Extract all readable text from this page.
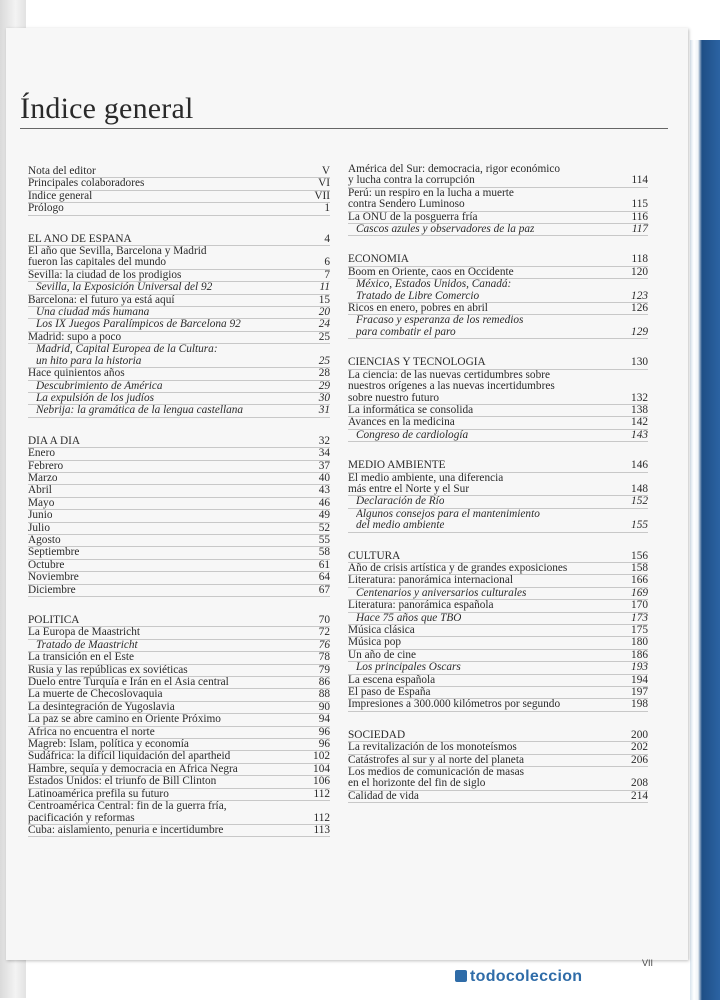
Índice general
Nota del editor	V
Principales colaboradores	VI
Índice general	VII
Prólogo	1
EL AÑO DE ESPAÑA	4
El año que Sevilla, Barcelona y Madrid
fueron las capitales del mundo	6
Sevilla: la ciudad de los prodigios	7
Sevilla, la Exposición Universal del 92	11
Barcelona: el futuro ya está aquí	15
Una ciudad más humana	20
Los IX Juegos Paralímpicos de Barcelona 92	24
Madrid: supo a poco	25
Madrid, Capital Europea de la Cultura:
un hito para la historia	25
Hace quinientos años	28
Descubrimiento de América	29
La expulsión de los judíos	30
Nebrija: la gramática de la lengua castellana	31
DÍA A DÍA	32
Enero	34
Febrero	37
Marzo	40
Abril	43
Mayo	46
Junio	49
Julio	52
Agosto	55
Septiembre	58
Octubre	61
Noviembre	64
Diciembre	67
POLÍTICA	70
La Europa de Maastricht	72
Tratado de Maastricht	76
La transición en el Este	78
Rusia y las repúblicas ex soviéticas	79
Duelo entre Turquía e Irán en el Asia central	86
La muerte de Checoslovaquia	88
La desintegración de Yugoslavia	90
La paz se abre camino en Oriente Próximo	94
África no encuentra el norte	96
Magreb: Islam, política y economía	96
Sudáfrica: la difícil liquidación del apartheid	102
Hambre, sequía y democracia en África Negra	104
Estados Unidos: el triunfo de Bill Clinton	106
Latinoamérica prefila su futuro	112
Centroamérica Central: fin de la guerra fría,
pacificación y reformas	112
Cuba: aislamiento, penuria e incertidumbre	113
América del Sur: democracia, rigor económico
y lucha contra la corrupción	114
Perú: un respiro en la lucha a muerte
contra Sendero Luminoso	115
La ONU de la posguerra fría	116
Cascos azules y observadores de la paz	117
ECONOMÍA	118
Boom en Oriente, caos en Occidente	120
México, Estados Unidos, Canadá:
Tratado de Libre Comercio	123
Ricos en enero, pobres en abril	126
Fracaso y esperanza de los remedios
para combatir el paro	129
CIENCIAS Y TECNOLOGÍA	130
La ciencia: de las nuevas certidumbres sobre
nuestros orígenes a las nuevas incertidumbres
sobre nuestro futuro	132
La informática se consolida	138
Avances en la medicina	142
Congreso de cardiología	143
MEDIO AMBIENTE	146
El medio ambiente, una diferencia
más entre el Norte y el Sur	148
Declaración de Río	152
Algunos consejos para el mantenimiento
del medio ambiente	155
CULTURA	156
Año de crisis artística y de grandes exposiciones	158
Literatura: panorámica internacional	166
Centenarios y aniversarios culturales	169
Literatura: panorámica española	170
Hace 75 años que TBO	173
Música clásica	175
Música pop	180
Un año de cine	186
Los principales Óscars	193
La escena española	194
El paso de España	197
Impresiones a 300.000 kilómetros por segundo	198
SOCIEDAD	200
La revitalización de los monoteísmos	202
Catástrofes al sur y al norte del planeta	206
Los medios de comunicación de masas
en el horizonte del fin de siglo	208
Calidad de vida	214
VII
todocoleccion
